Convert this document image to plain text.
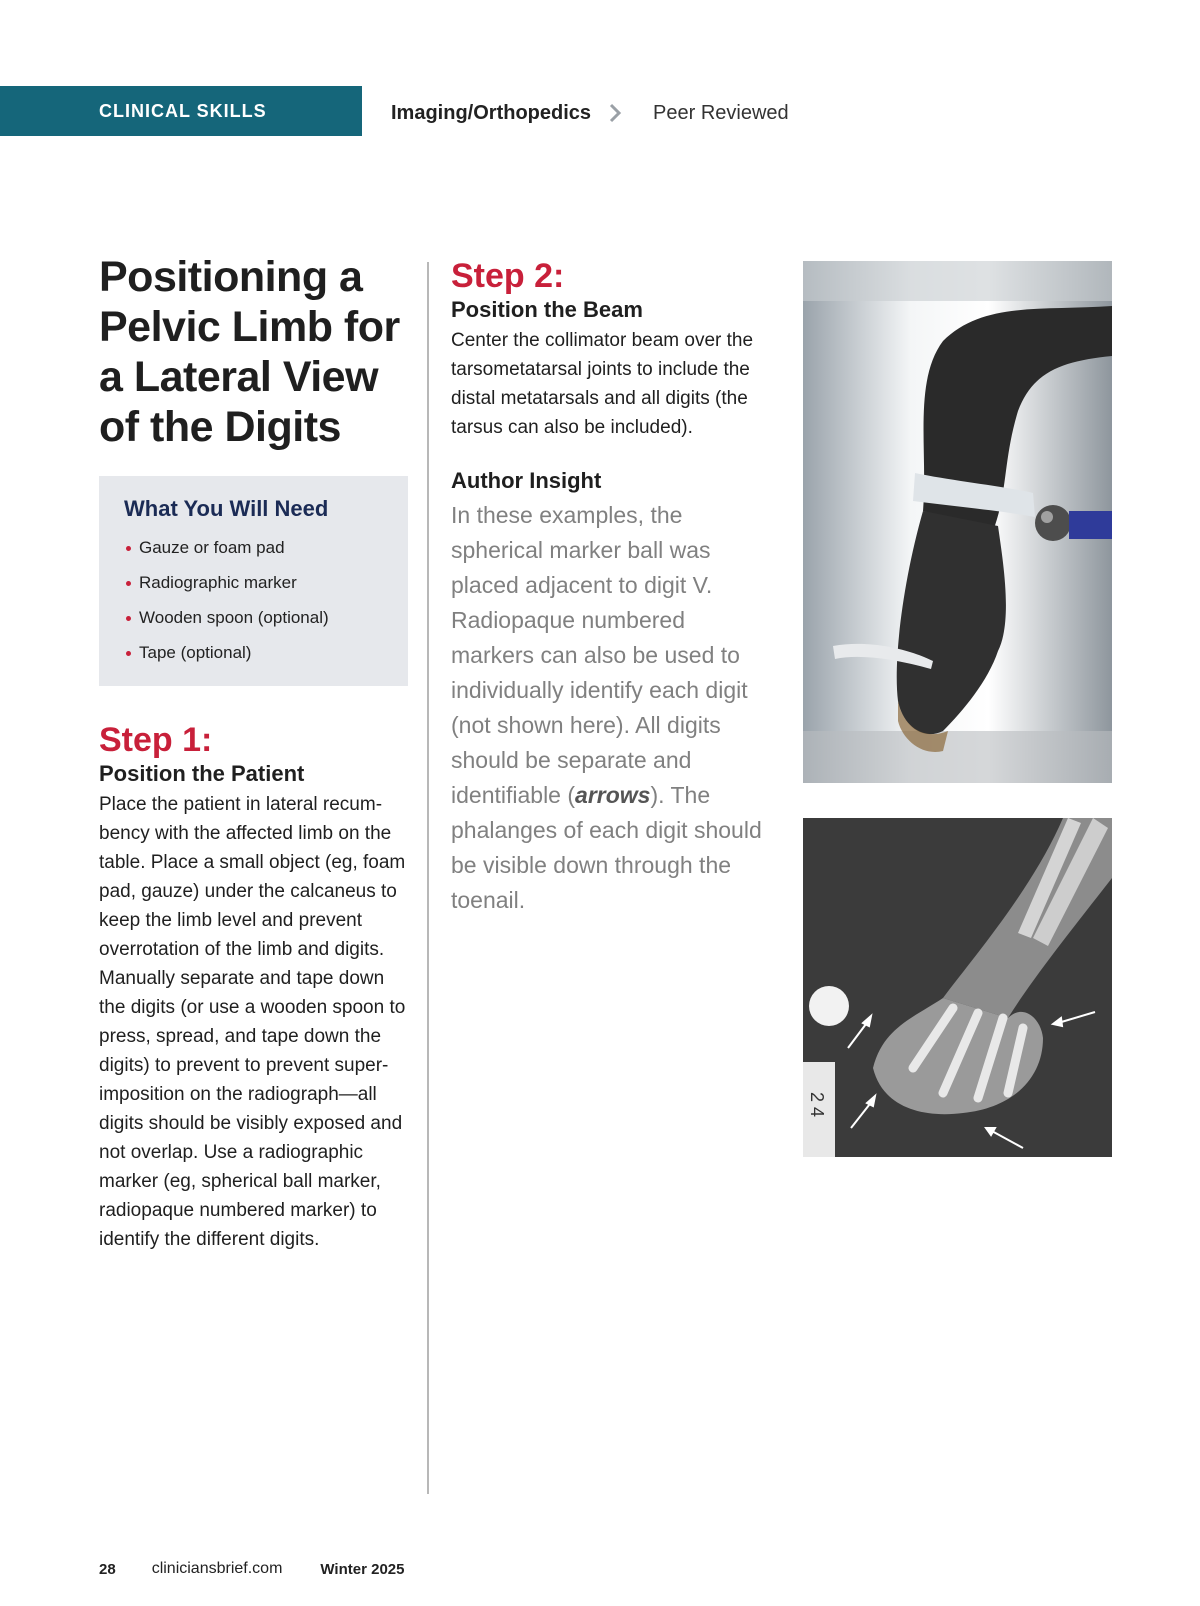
CLINICAL SKILLS	Imaging/Orthopedics	Peer Reviewed
Positioning a Pelvic Limb for a Lateral View of the Digits
What You Will Need
Gauze or foam pad
Radiographic marker
Wooden spoon (optional)
Tape (optional)

Step 1:

Position the Patient

Place the patient in lateral recumbency with the affected limb on the table. Place a small object (eg, foam pad, gauze) under the calcaneus to keep the limb level and prevent overrotation of the limb and digits. Manually separate and tape down the digits (or use a wooden spoon to press, spread, and tape down the digits) to prevent to prevent superimposition on the radiograph—all digits should be visibly exposed and not overlap. Use a radiographic marker (eg, spherical ball marker, radiopaque numbered marker) to identify the different digits.

Step 2:

Position the Beam

Center the collimator beam over the tarsometatarsal joints to include the distal metatarsals and all digits (the tarsus can also be included).

Author Insight

In these examples, the spherical marker ball was placed adjacent to digit V. Radiopaque numbered markers can also be used to individually identify each digit (not shown here). All digits should be separate and identifiable (arrows). The phalanges of each digit should be visible down through the toenail.

2 4
28 cliniciansbrief.com	Winter 2025
